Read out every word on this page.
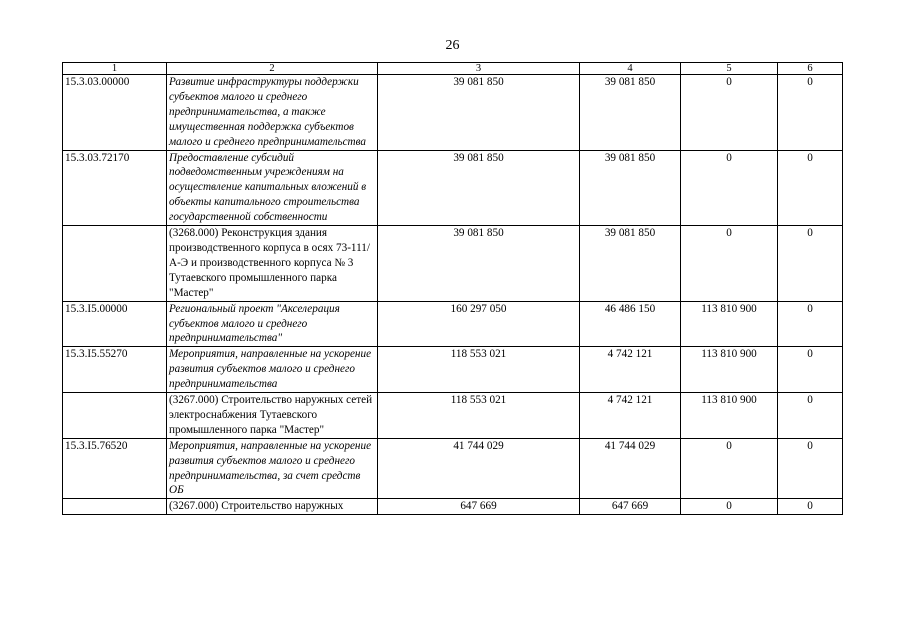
26
1	2	3	4	5	6
15.3.03.00000	Развитие инфраструктуры поддержки субъектов малого и среднего предпринимательства, а также имущественная поддержка субъектов малого и среднего предпринимательства	39 081 850	39 081 850	0	0
15.3.03.72170	Предоставление субсидий подведомственным учреждениям на осуществление капитальных вложений в объекты капитального строительства государственной собственности	39 081 850	39 081 850	0	0
	(3268.000) Реконструкция здания производственного корпуса в осях 73-111/А-Э и производственного корпуса № 3 Тутаевского промышленного парка "Мастер"	39 081 850	39 081 850	0	0
15.3.I5.00000	Региональный проект "Акселерация субъектов малого и среднего предпринимательства"	160 297 050	46 486 150	113 810 900	0
15.3.I5.55270	Мероприятия, направленные на ускорение развития субъектов малого и среднего предпринимательства	118 553 021	4 742 121	113 810 900	0
	(3267.000) Строительство наружных сетей электроснабжения Тутаевского промышленного парка "Мастер"	118 553 021	4 742 121	113 810 900	0
15.3.I5.76520	Мероприятия, направленные на ускорение развития субъектов малого и среднего предпринимательства, за счет средств ОБ	41 744 029	41 744 029	0	0
	(3267.000) Строительство наружных	647 669	647 669	0	0
